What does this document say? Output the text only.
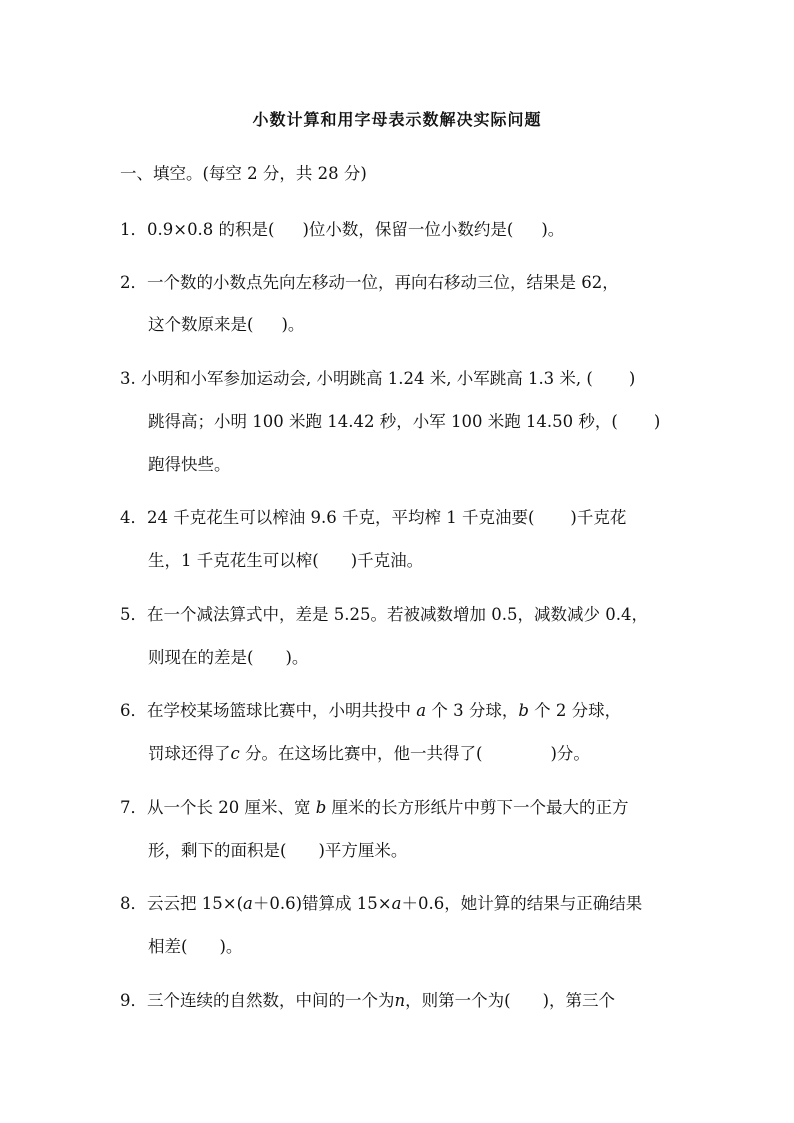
小数计算和用字母表示数解决实际问题
一、填空。(每空 2 分，共 28 分)
1．0.9×0.8 的积是( )位小数，保留一位小数约是( )。
2．一个数的小数点先向左移动一位，再向右移动三位，结果是 62，
这个数原来是( )。
3. 小明和小军参加运动会, 小明跳高 1.24 米, 小军跳高 1.3 米, ( )
跳得高；小明 100 米跑 14.42 秒，小军 100 米跑 14.50 秒，( )
跑得快些。
4．24 千克花生可以榨油 9.6 千克，平均榨 1 千克油要( )千克花
生，1 千克花生可以榨( )千克油。
5．在一个减法算式中，差是 5.25。若被减数增加 0.5，减数减少 0.4，
则现在的差是( )。
6．在学校某场篮球比赛中，小明共投中 a 个 3 分球，b 个 2 分球，
罚球还得了c 分。在这场比赛中，他一共得了(	)分。
7．从一个长 20 厘米、宽 b 厘米的长方形纸片中剪下一个最大的正方
形，剩下的面积是( )平方厘米。
8．云云把 15×(a＋0.6)错算成 15×a＋0.6，她计算的结果与正确结果
相差( )。
9．三个连续的自然数，中间的一个为n，则第一个为( )，第三个
